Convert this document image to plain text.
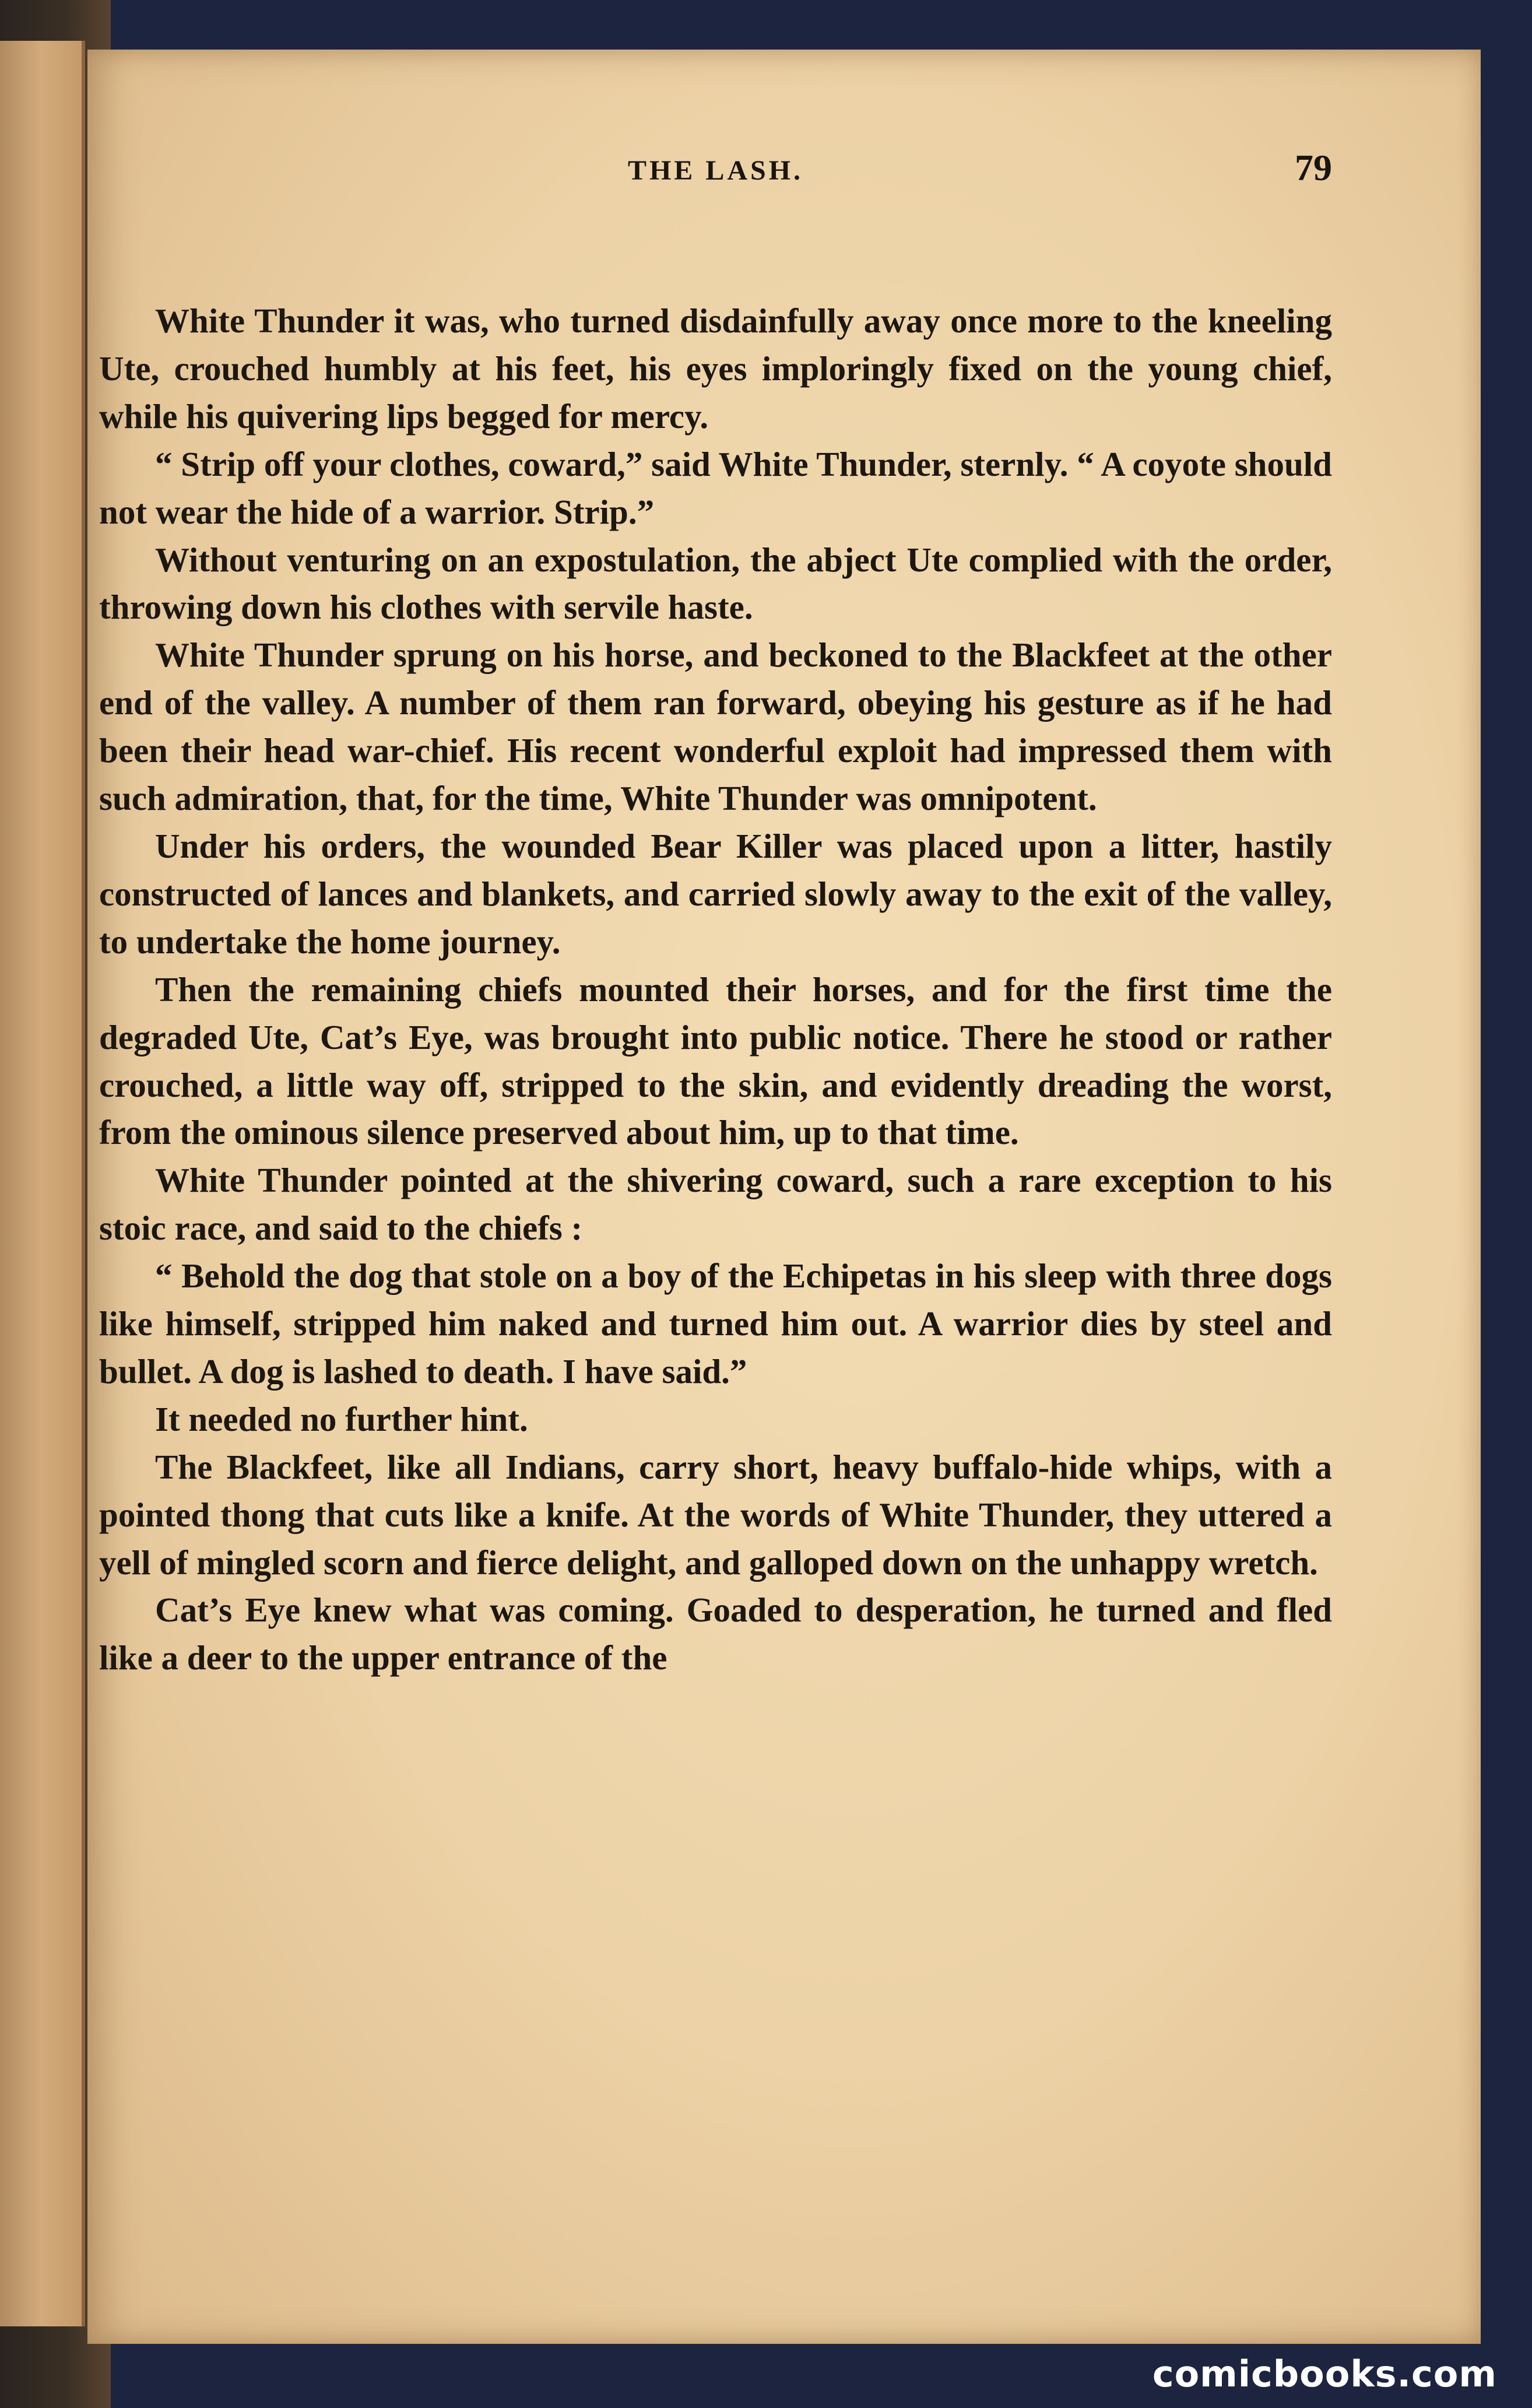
THE LASH.	79

White Thunder it was, who turned disdainfully away once more to the kneeling Ute, crouched humbly at his feet, his eyes imploringly fixed on the young chief, while his quivering lips begged for mercy.

“ Strip off your clothes, coward,” said White Thunder, sternly. “ A coyote should not wear the hide of a warrior. Strip.”

Without venturing on an expostulation, the abject Ute complied with the order, throwing down his clothes with servile haste.

White Thunder sprung on his horse, and beckoned to the Blackfeet at the other end of the valley. A number of them ran forward, obeying his gesture as if he had been their head war-chief. His recent wonderful exploit had impressed them with such admiration, that, for the time, White Thunder was omnipotent.

Under his orders, the wounded Bear Killer was placed upon a litter, hastily constructed of lances and blankets, and carried slowly away to the exit of the valley, to undertake the home journey.

Then the remaining chiefs mounted their horses, and for the first time the degraded Ute, Cat’s Eye, was brought into public notice. There he stood or rather crouched, a little way off, stripped to the skin, and evidently dreading the worst, from the ominous silence preserved about him, up to that time.

White Thunder pointed at the shivering coward, such a rare exception to his stoic race, and said to the chiefs :

“ Behold the dog that stole on a boy of the Echipetas in his sleep with three dogs like himself, stripped him naked and turned him out. A warrior dies by steel and bullet. A dog is lashed to death. I have said.”

It needed no further hint.

The Blackfeet, like all Indians, carry short, heavy buffalo-hide whips, with a pointed thong that cuts like a knife. At the words of White Thunder, they uttered a yell of mingled scorn and fierce delight, and galloped down on the unhappy wretch.

Cat’s Eye knew what was coming. Goaded to desperation, he turned and fled like a deer to the upper entrance of the

comicbooks.com
